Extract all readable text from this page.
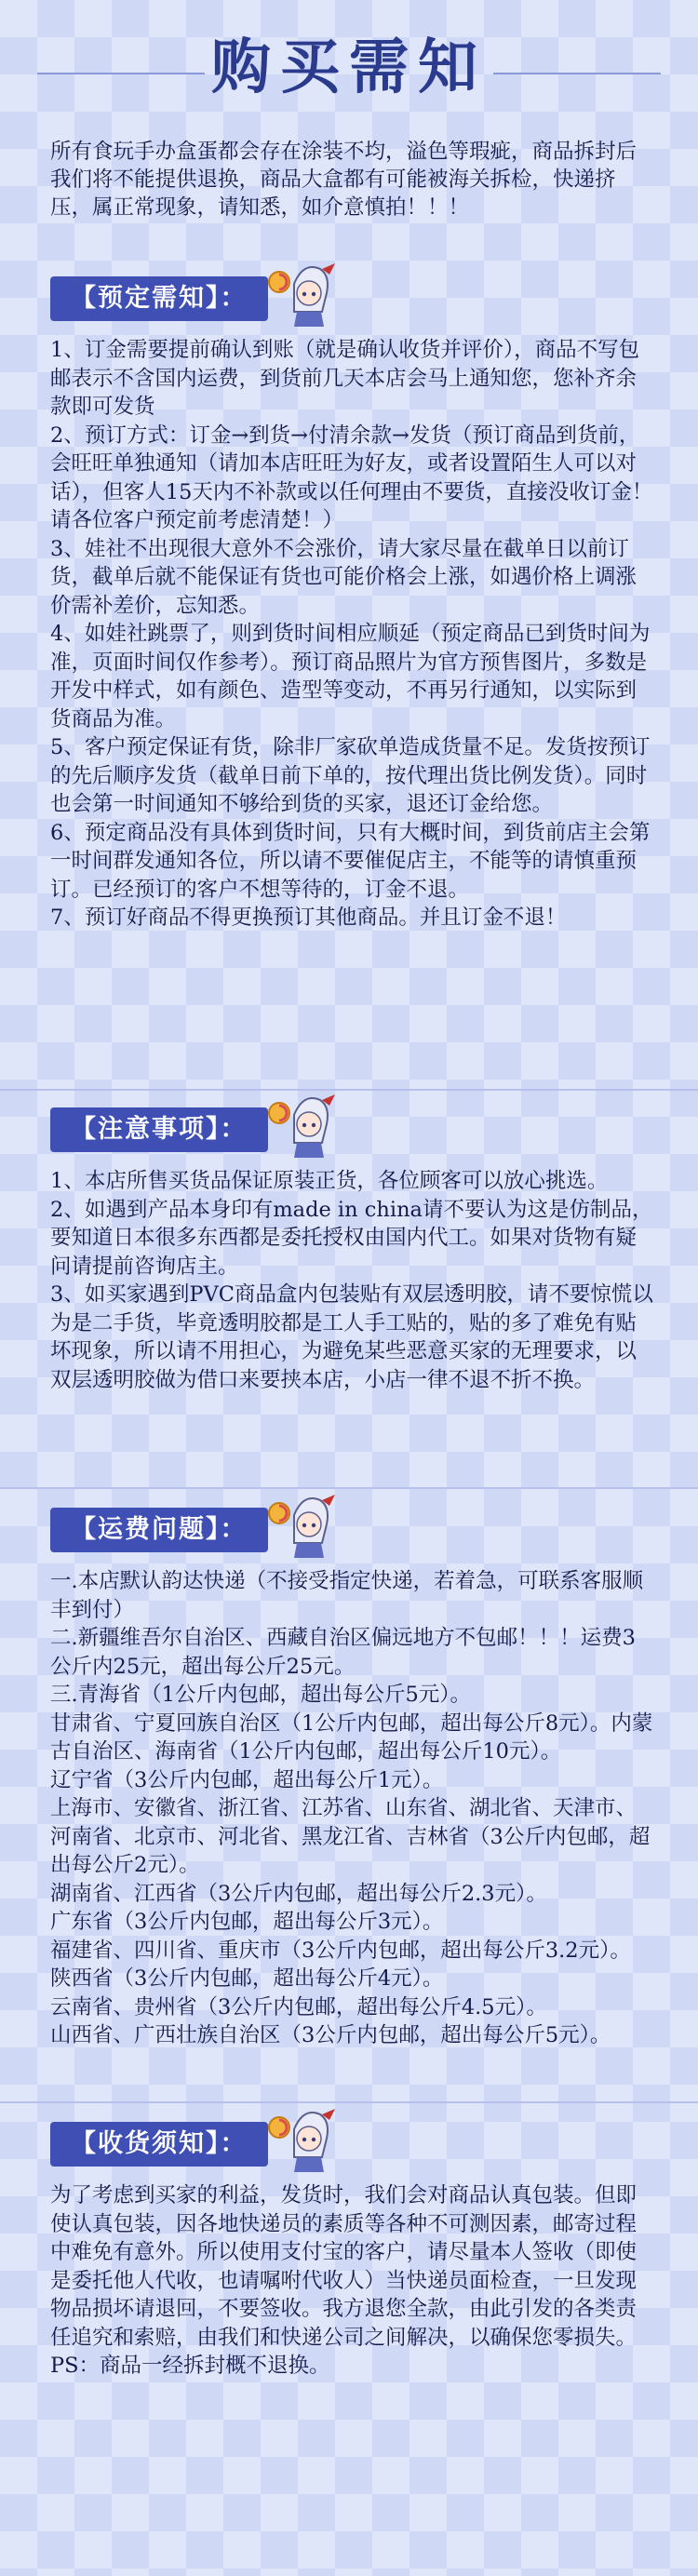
购买需知
所有食玩手办盒蛋都会存在涂装不均，溢色等瑕疵，商品拆封后我们将不能提供退换，商品大盒都有可能被海关拆检，快递挤压，属正常现象，请知悉，如介意慎拍！！！
【预定需知】：

1、订金需要提前确认到账（就是确认收货并评价），商品不写包邮表示不含国内运费，到货前几天本店会马上通知您，您补齐余款即可发货

2、预订方式：订金→到货→付清余款→发货（预订商品到货前，会旺旺单独通知（请加本店旺旺为好友，或者设置陌生人可以对话），但客人15天内不补款或以任何理由不要货，直接没收订金！请各位客户预定前考虑清楚！）

3、娃社不出现很大意外不会涨价，请大家尽量在截单日以前订货，截单后就不能保证有货也可能价格会上涨，如遇价格上调涨价需补差价，忘知悉。

4、如娃社跳票了，则到货时间相应顺延（预定商品已到货时间为准，页面时间仅作参考）。预订商品照片为官方预售图片，多数是开发中样式，如有颜色、造型等变动，不再另行通知，以实际到货商品为准。

5、客户预定保证有货，除非厂家砍单造成货量不足。发货按预订的先后顺序发货（截单日前下单的，按代理出货比例发货）。同时也会第一时间通知不够给到货的买家，退还订金给您。

6、预定商品没有具体到货时间，只有大概时间，到货前店主会第一时间群发通知各位，所以请不要催促店主，不能等的请慎重预订。已经预订的客户不想等待的，订金不退。

7、预订好商品不得更换预订其他商品。并且订金不退！

【注意事项】：

1、本店所售买货品保证原装正货，各位顾客可以放心挑选。

2、如遇到产品本身印有made in china请不要认为这是仿制品，要知道日本很多东西都是委托授权由国内代工。如果对货物有疑问请提前咨询店主。

3、如买家遇到PVC商品盒内包装贴有双层透明胶，请不要惊慌以为是二手货，毕竟透明胶都是工人手工贴的，贴的多了难免有贴坏现象，所以请不用担心，为避免某些恶意买家的无理要求，以双层透明胶做为借口来要挟本店，小店一律不退不折不换。

【运费问题】：

一.本店默认韵达快递（不接受指定快递，若着急，可联系客服顺丰到付）

二.新疆维吾尔自治区、西藏自治区偏远地方不包邮！！！运费3公斤内25元，超出每公斤25元。

三.青海省（1公斤内包邮，超出每公斤5元）。

甘肃省、宁夏回族自治区（1公斤内包邮，超出每公斤8元）。内蒙古自治区、海南省（1公斤内包邮，超出每公斤10元）。

辽宁省（3公斤内包邮，超出每公斤1元）。

上海市、安徽省、浙江省、江苏省、山东省、湖北省、天津市、河南省、北京市、河北省、黑龙江省、吉林省（3公斤内包邮，超出每公斤2元）。

湖南省、江西省（3公斤内包邮，超出每公斤2.3元）。

广东省（3公斤内包邮，超出每公斤3元）。

福建省、四川省、重庆市（3公斤内包邮，超出每公斤3.2元）。

陕西省（3公斤内包邮，超出每公斤4元）。

云南省、贵州省（3公斤内包邮，超出每公斤4.5元）。

山西省、广西壮族自治区（3公斤内包邮，超出每公斤5元）。

【收货须知】：

为了考虑到买家的利益，发货时，我们会对商品认真包装。但即使认真包装，因各地快递员的素质等各种不可测因素，邮寄过程中难免有意外。所以使用支付宝的客户，请尽量本人签收（即使是委托他人代收，也请嘱咐代收人）当快递员面检查，一旦发现物品损坏请退回，不要签收。我方退您全款，由此引发的各类责任追究和索赔，由我们和快递公司之间解决，以确保您零损失。

PS：商品一经拆封概不退换。
